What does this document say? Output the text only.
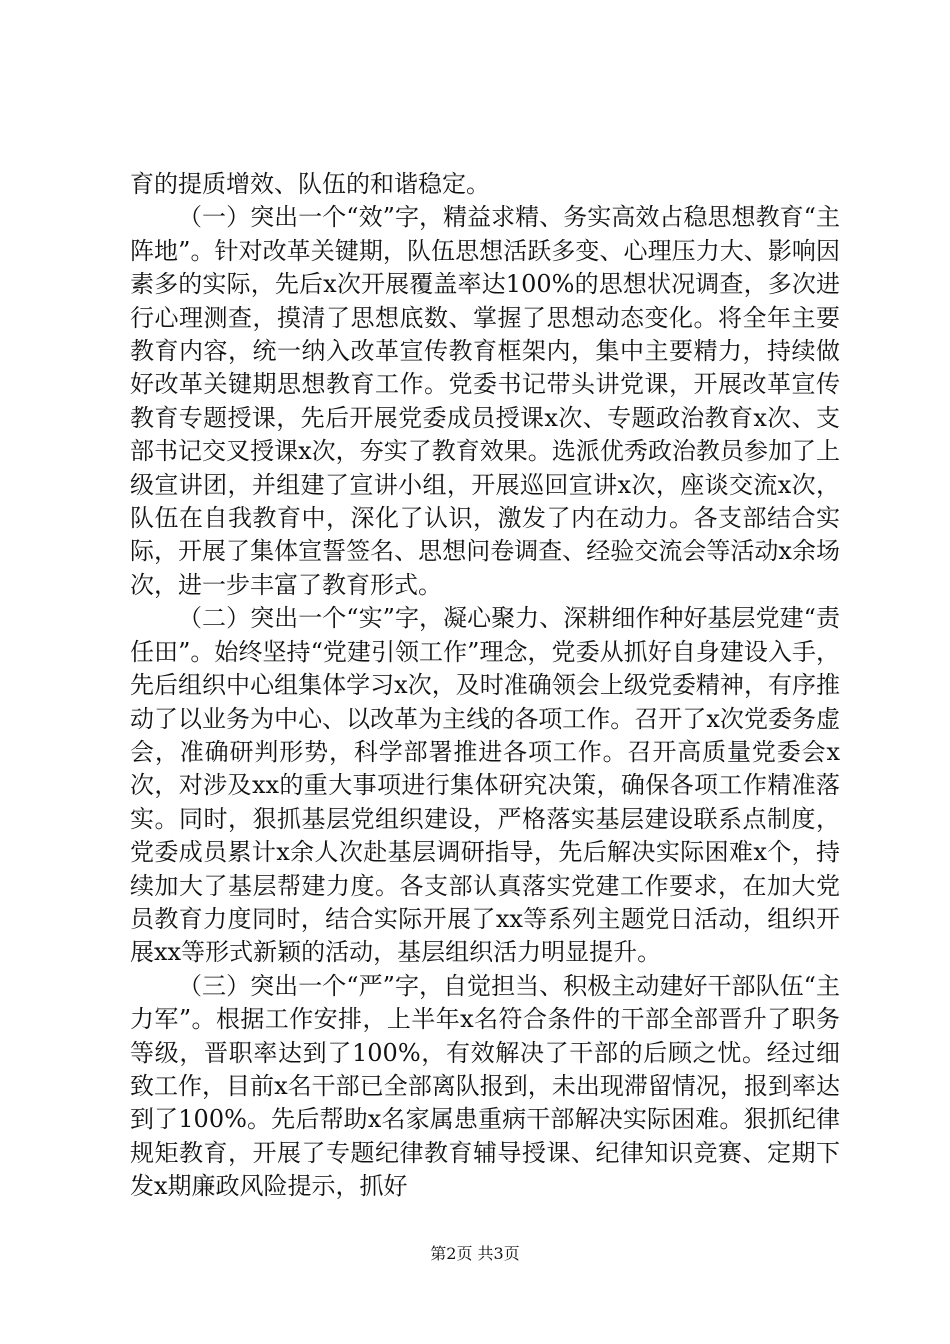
育的提质增效、队伍的和谐稳定。

（一）突出一个“效”字，精益求精、务实高效占稳思想教育“主阵地”。针对改革关键期，队伍思想活跃多变、心理压力大、影响因素多的实际，先后x次开展覆盖率达100%的思想状况调查，多次进行心理测查，摸清了思想底数、掌握了思想动态变化。将全年主要教育内容，统一纳入改革宣传教育框架内，集中主要精力，持续做好改革关键期思想教育工作。党委书记带头讲党课，开展改革宣传教育专题授课，先后开展党委成员授课x次、专题政治教育x次、支部书记交叉授课x次，夯实了教育效果。选派优秀政治教员参加了上级宣讲团，并组建了宣讲小组，开展巡回宣讲x次，座谈交流x次，队伍在自我教育中，深化了认识，激发了内在动力。各支部结合实际，开展了集体宣誓签名、思想问卷调查、经验交流会等活动x余场次，进一步丰富了教育形式。

（二）突出一个“实”字，凝心聚力、深耕细作种好基层党建“责任田”。始终坚持“党建引领工作”理念，党委从抓好自身建设入手，先后组织中心组集体学习x次，及时准确领会上级党委精神，有序推动了以业务为中心、以改革为主线的各项工作。召开了x次党委务虚会，准确研判形势，科学部署推进各项工作。召开高质量党委会x次，对涉及xx的重大事项进行集体研究决策，确保各项工作精准落实。同时，狠抓基层党组织建设，严格落实基层建设联系点制度，党委成员累计x余人次赴基层调研指导，先后解决实际困难x个，持续加大了基层帮建力度。各支部认真落实党建工作要求，在加大党员教育力度同时，结合实际开展了xx等系列主题党日活动，组织开展xx等形式新颖的活动，基层组织活力明显提升。

（三）突出一个“严”字，自觉担当、积极主动建好干部队伍“主力军”。根据工作安排，上半年x名符合条件的干部全部晋升了职务等级，晋职率达到了100%，有效解决了干部的后顾之忧。经过细致工作，目前x名干部已全部离队报到，未出现滞留情况，报到率达到了100%。先后帮助x名家属患重病干部解决实际困难。狠抓纪律规矩教育，开展了专题纪律教育辅导授课、纪律知识竞赛、定期下发x期廉政风险提示，抓好

第2页 共3页
